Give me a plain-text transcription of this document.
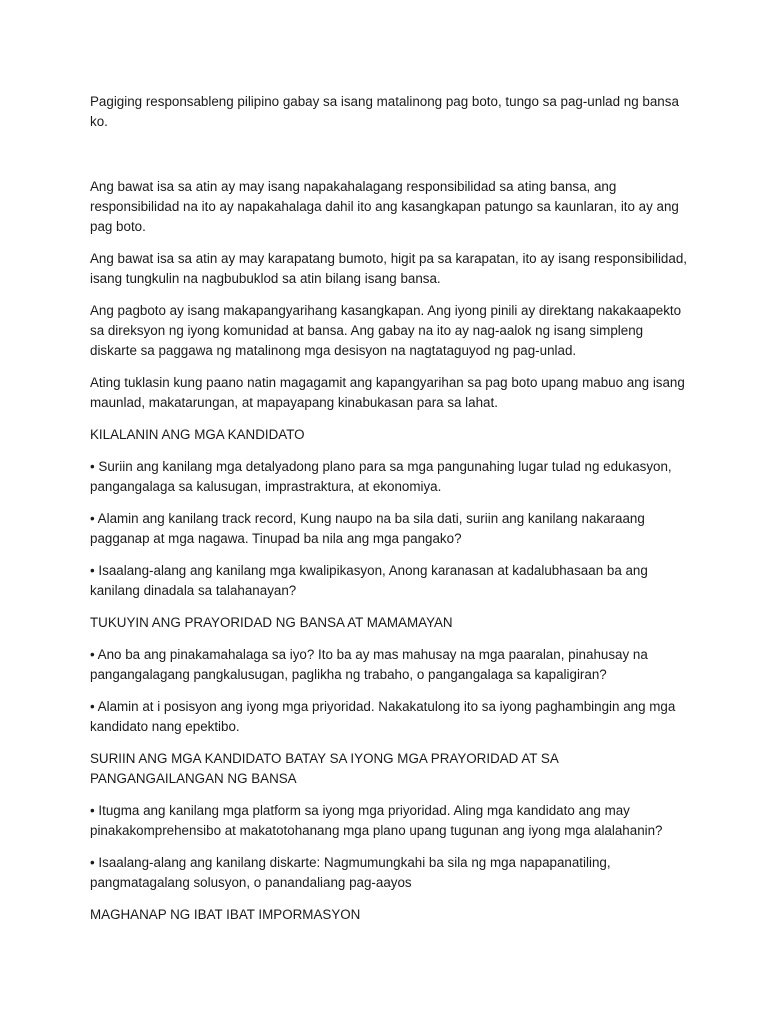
Pagiging responsableng pilipino gabay sa isang matalinong pag boto, tungo sa pag-unlad ng bansa ko.

Ang bawat isa sa atin ay may isang napakahalagang responsibilidad sa ating bansa, ang responsibilidad na ito ay napakahalaga dahil ito ang kasangkapan patungo sa kaunlaran, ito ay ang pag boto.

Ang bawat isa sa atin ay may karapatang bumoto, higit pa sa karapatan, ito ay isang responsibilidad, isang tungkulin na nagbubuklod sa atin bilang isang bansa.

Ang pagboto ay isang makapangyarihang kasangkapan. Ang iyong pinili ay direktang nakakaapekto sa direksyon ng iyong komunidad at bansa. Ang gabay na ito ay nag-aalok ng isang simpleng diskarte sa paggawa ng matalinong mga desisyon na nagtataguyod ng pag-unlad.

Ating tuklasin kung paano natin magagamit ang kapangyarihan sa pag boto upang mabuo ang isang maunlad, makatarungan, at mapayapang kinabukasan para sa lahat.

KILALANIN ANG MGA KANDIDATO

• Suriin ang kanilang mga detalyadong plano para sa mga pangunahing lugar tulad ng edukasyon, pangangalaga sa kalusugan, imprastraktura, at ekonomiya.

• Alamin ang kanilang track record, Kung naupo na ba sila dati, suriin ang kanilang nakaraang pagganap at mga nagawa. Tinupad ba nila ang mga pangako?

• Isaalang-alang ang kanilang mga kwalipikasyon, Anong karanasan at kadalubhasaan ba ang kanilang dinadala sa talahanayan?

TUKUYIN ANG PRAYORIDAD NG BANSA AT MAMAMAYAN

• Ano ba ang pinakamahalaga sa iyo? Ito ba ay mas mahusay na mga paaralan, pinahusay na pangangalagang pangkalusugan, paglikha ng trabaho, o pangangalaga sa kapaligiran?

• Alamin at i posisyon ang iyong mga priyoridad. Nakakatulong ito sa iyong paghambingin ang mga kandidato nang epektibo.

SURIIN ANG MGA KANDIDATO BATAY SA IYONG MGA PRAYORIDAD AT SA PANGANGAILANGAN NG BANSA

• Itugma ang kanilang mga platform sa iyong mga priyoridad. Aling mga kandidato ang may pinakakomprehensibo at makatotohanang mga plano upang tugunan ang iyong mga alalahanin?

• Isaalang-alang ang kanilang diskarte: Nagmumungkahi ba sila ng mga napapanatiling, pangmatagalang solusyon, o panandaliang pag-aayos

MAGHANAP NG IBAT IBAT IMPORMASYON
